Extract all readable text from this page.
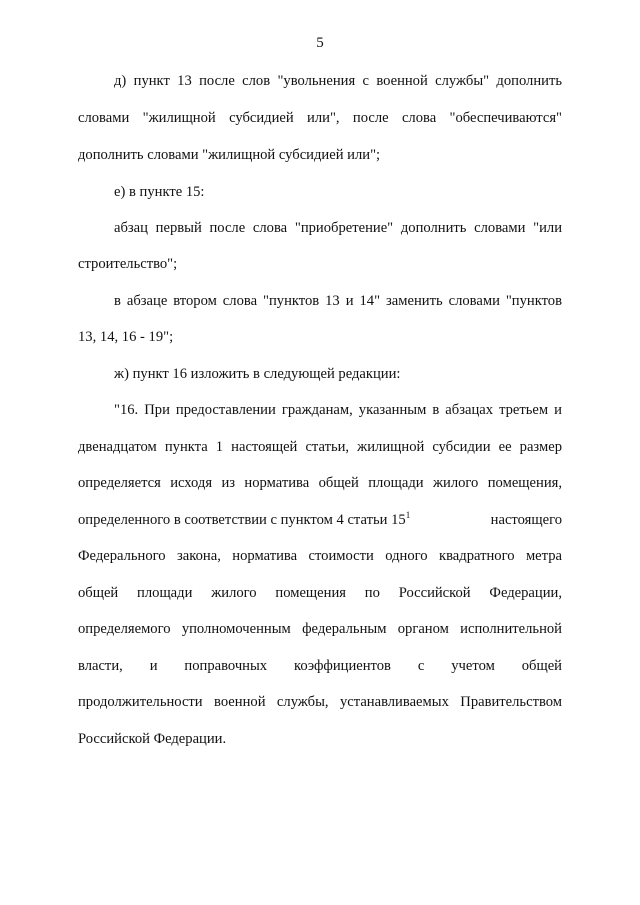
5
д) пункт 13 после слов "увольнения с военной службы" дополнить
словами "жилищной субсидией или", после слова "обеспечиваются"
дополнить словами "жилищной субсидией или";
е) в пункте 15:
абзац первый после слова "приобретение" дополнить словами "или
строительство";
в абзаце втором слова "пунктов 13 и 14" заменить словами "пунктов
13, 14, 16 - 19";
ж) пункт 16 изложить в следующей редакции:
"16. При предоставлении гражданам, указанным в абзацах третьем и
двенадцатом пункта 1 настоящей статьи, жилищной субсидии ее размер
определяется исходя из норматива общей площади жилого помещения,
определенного в соответствии с пунктом 4 статьи $15^1$	настоящего
Федерального закона, норматива стоимости одного квадратного метра
общей площади жилого помещения по Российской Федерации,
определяемого уполномоченным федеральным органом исполнительной
власти, и поправочных коэффициентов с учетом общей
продолжительности военной службы, устанавливаемых Правительством
Российской Федерации.
